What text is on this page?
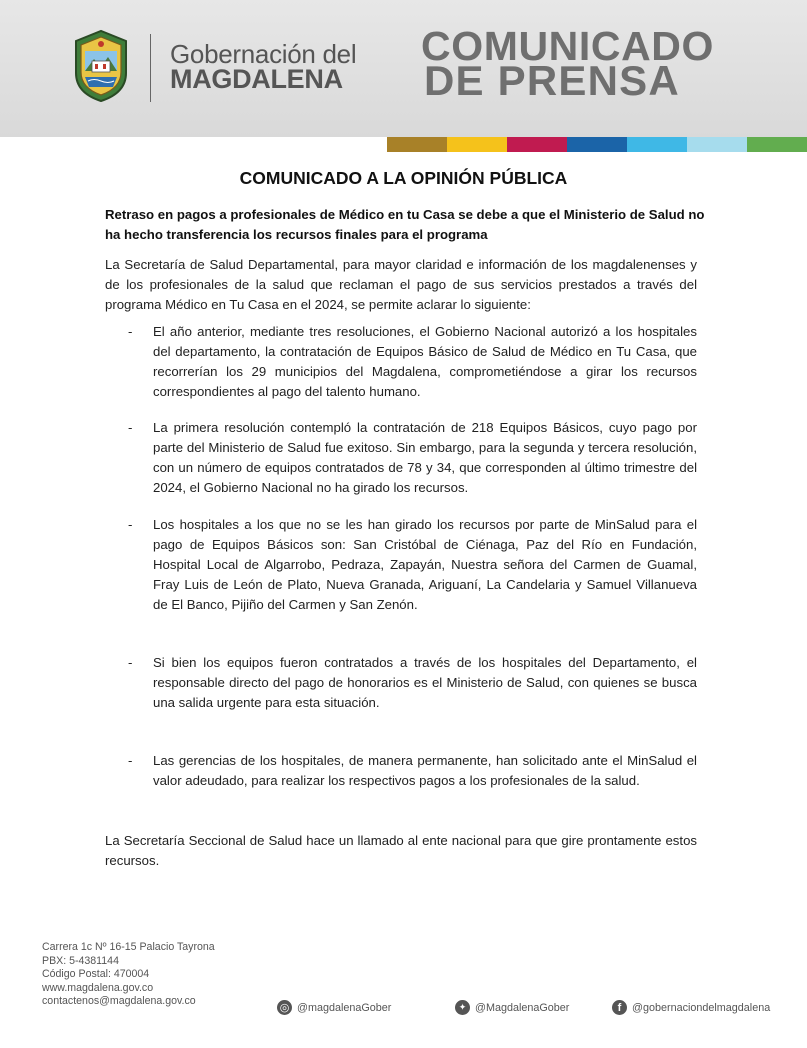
Gobernación del
MAGDALENA
COMUNICADO
DE PRENSA
COMUNICADO A LA OPINIÓN PÚBLICA
Retraso en pagos a profesionales de Médico en tu Casa se debe a que el Ministerio de Salud no ha hecho transferencia los recursos finales para el programa
La Secretaría de Salud Departamental, para mayor claridad e información de los magdalenenses y de los profesionales de la salud que reclaman el pago de sus servicios prestados a través del programa Médico en Tu Casa en el 2024, se permite aclarar lo siguiente:
- El año anterior, mediante tres resoluciones, el Gobierno Nacional autorizó a los hospitales del departamento, la contratación de Equipos Básico de Salud de Médico en Tu Casa, que recorrerían los 29 municipios del Magdalena, comprometiéndose a girar los recursos correspondientes al pago del talento humano.
- La primera resolución contempló la contratación de 218 Equipos Básicos, cuyo pago por parte del Ministerio de Salud fue exitoso. Sin embargo, para la segunda y tercera resolución, con un número de equipos contratados de 78 y 34, que corresponden al último trimestre del 2024, el Gobierno Nacional no ha girado los recursos.
- Los hospitales a los que no se les han girado los recursos por parte de MinSalud para el pago de Equipos Básicos son: San Cristóbal de Ciénaga, Paz del Río en Fundación, Hospital Local de Algarrobo, Pedraza, Zapayán, Nuestra señora del Carmen de Guamal, Fray Luis de León de Plato, Nueva Granada, Ariguaní, La Candelaria y Samuel Villanueva de El Banco, Pijiño del Carmen y San Zenón.
- Si bien los equipos fueron contratados a través de los hospitales del Departamento, el responsable directo del pago de honorarios es el Ministerio de Salud, con quienes se busca una salida urgente para esta situación.
- Las gerencias de los hospitales, de manera permanente, han solicitado ante el MinSalud el valor adeudado, para realizar los respectivos pagos a los profesionales de la salud.
La Secretaría Seccional de Salud hace un llamado al ente nacional para que gire prontamente estos recursos.
Carrera 1c Nº 16-15 Palacio Tayrona
PBX: 5-4381144
Código Postal: 470004
www.magdalena.gov.co
contactenos@magdalena.gov.co
◎ @magdalenaGober	✦ @MagdalenaGober	f @gobernaciondelmagdalena
